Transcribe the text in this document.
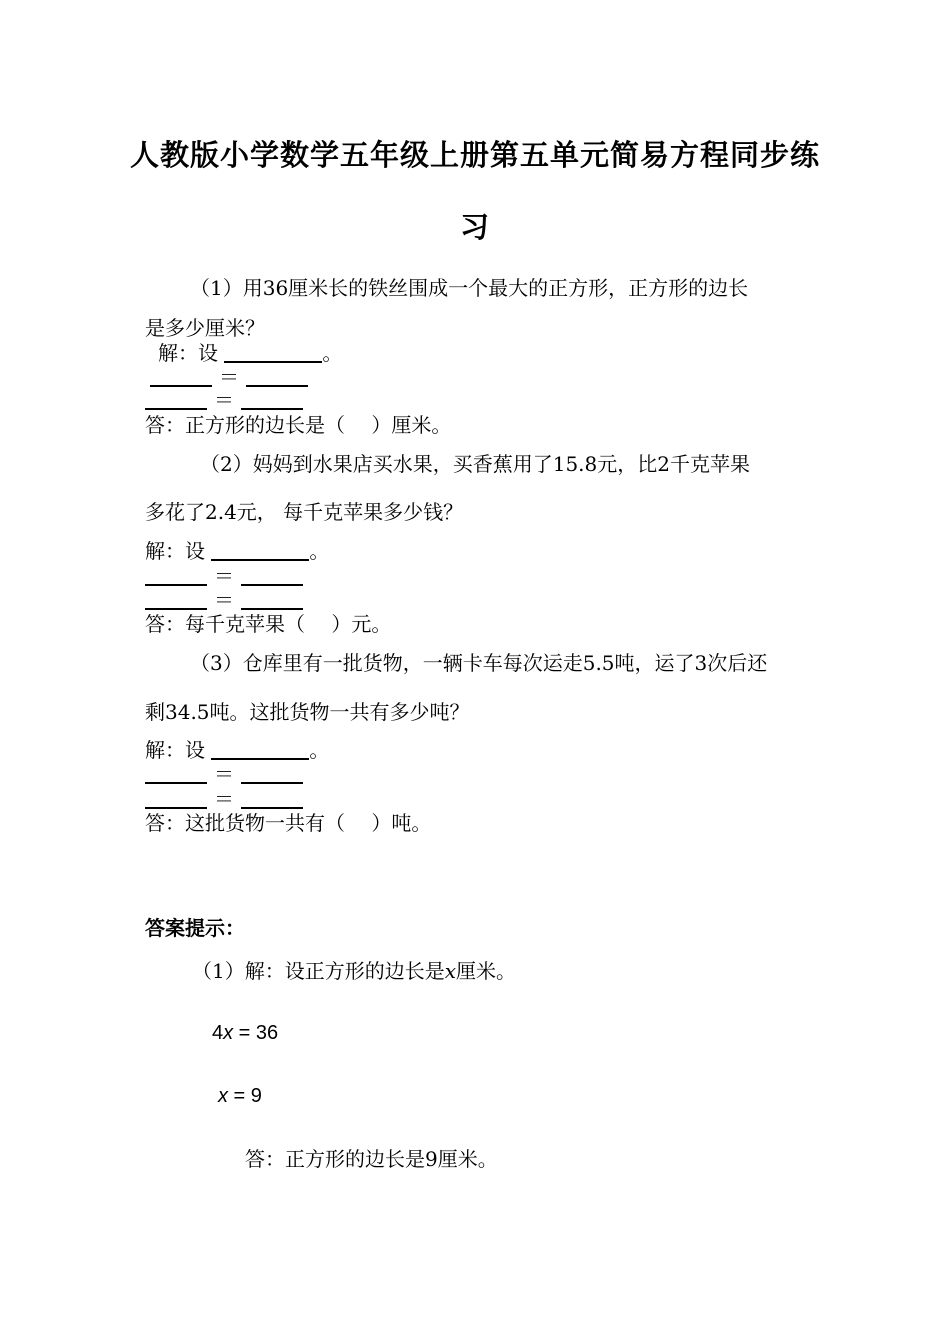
人教版小学数学五年级上册第五单元简易方程同步练
习
（1）用36厘米长的铁丝围成一个最大的正方形，正方形的边长
是多少厘米？
解：设	。
＝
＝
答：正方形的边长是（　 ）厘米。
（2）妈妈到水果店买水果，买香蕉用了15.8元，比2千克苹果
多花了2.4元， 每千克苹果多少钱？
解：设	。
＝
＝
答：每千克苹果（　 ）元。
（3）仓库里有一批货物，一辆卡车每次运走5.5吨，运了3次后还
剩34.5吨。这批货物一共有多少吨？
解：设	。
＝
＝
答：这批货物一共有（　 ）吨。
答案提示：
（1）解：设正方形的边长是x厘米。
4x = 36
x = 9
答：正方形的边长是9厘米。
